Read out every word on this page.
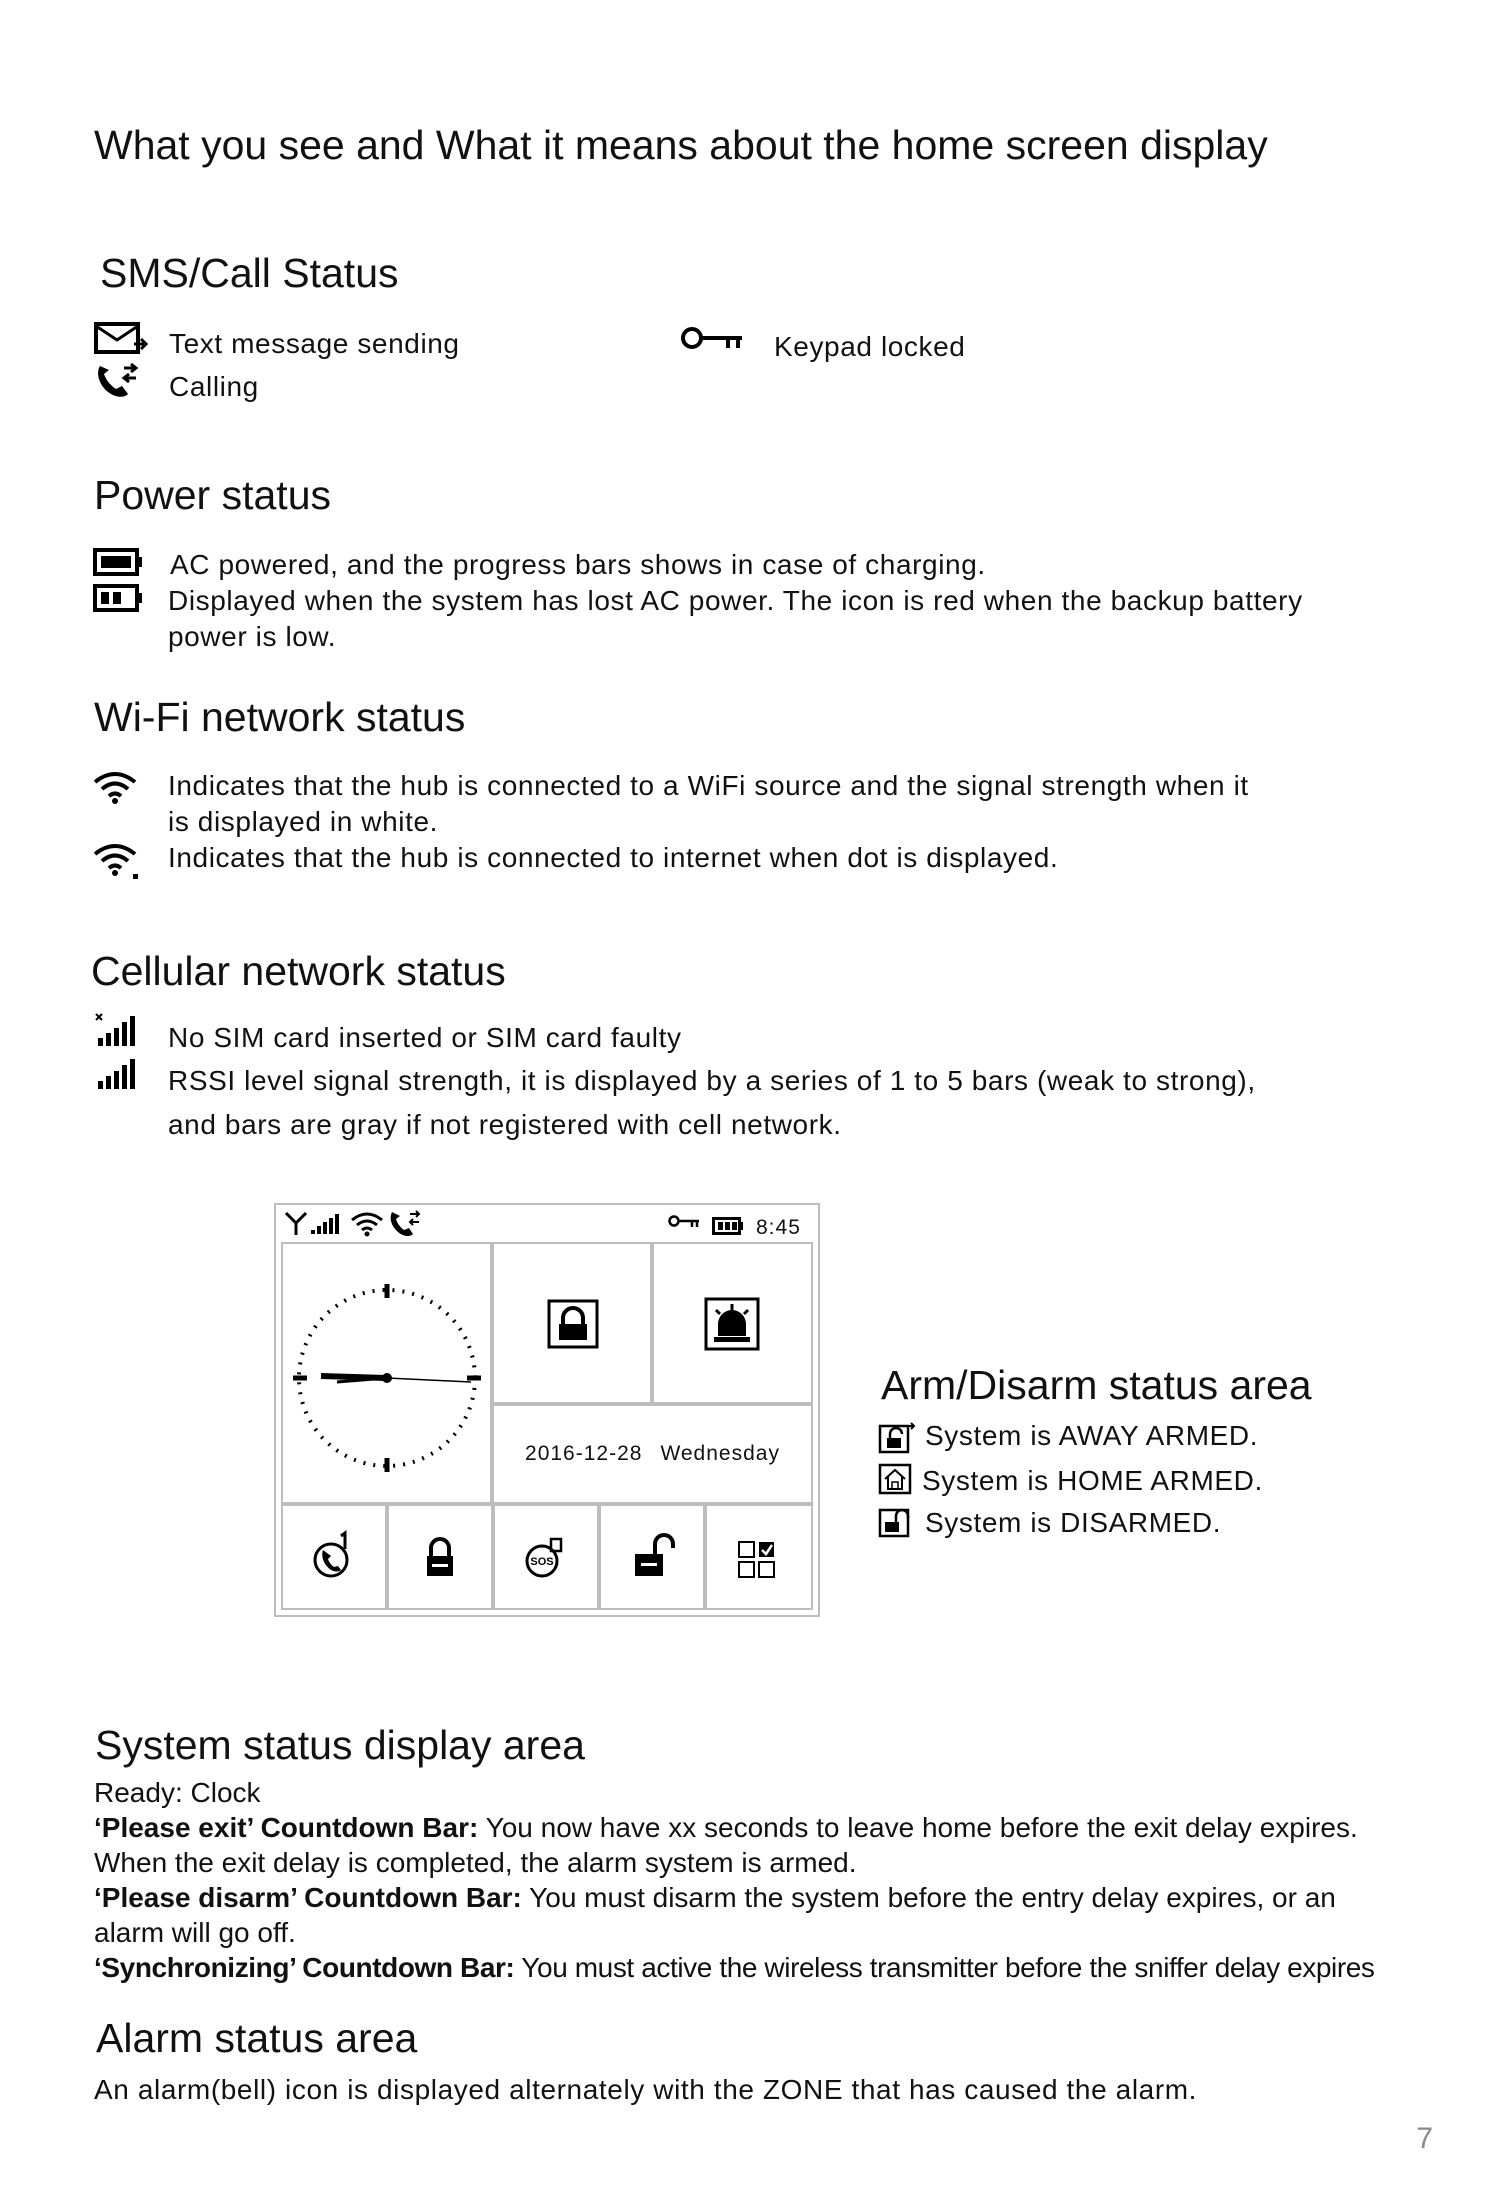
What you see and What it means about the home screen display
SMS/Call Status
Text message sending
Calling
Keypad locked
Power status
AC powered, and the progress bars shows in case of charging.
Displayed when the system has lost AC power. The icon is red when the backup battery
power is low.
Wi-Fi network status
Indicates that the hub is connected to a WiFi source and the signal strength when it
is displayed in white.
Indicates that the hub is connected to internet when dot is displayed.
Cellular network status
No SIM card inserted or SIM card faulty
RSSI level signal strength, it is displayed by a series of 1 to 5 bars (weak to strong),
and bars are gray if not registered with cell network.
8:45
2016-12-28 Wednesday
SOS
Arm/Disarm status area
System is AWAY ARMED.
System is HOME ARMED.
System is DISARMED.
System status display area
Ready: Clock
‘Please exit’ Countdown Bar: You now have xx seconds to leave home before the exit delay expires.
When the exit delay is completed, the alarm system is armed.
‘Please disarm’ Countdown Bar: You must disarm the system before the entry delay expires, or an
alarm will go off.
‘Synchronizing’ Countdown Bar: You must active the wireless transmitter before the sniffer delay expires
Alarm status area
An alarm(bell) icon is displayed alternately with the ZONE that has caused the alarm.
7
